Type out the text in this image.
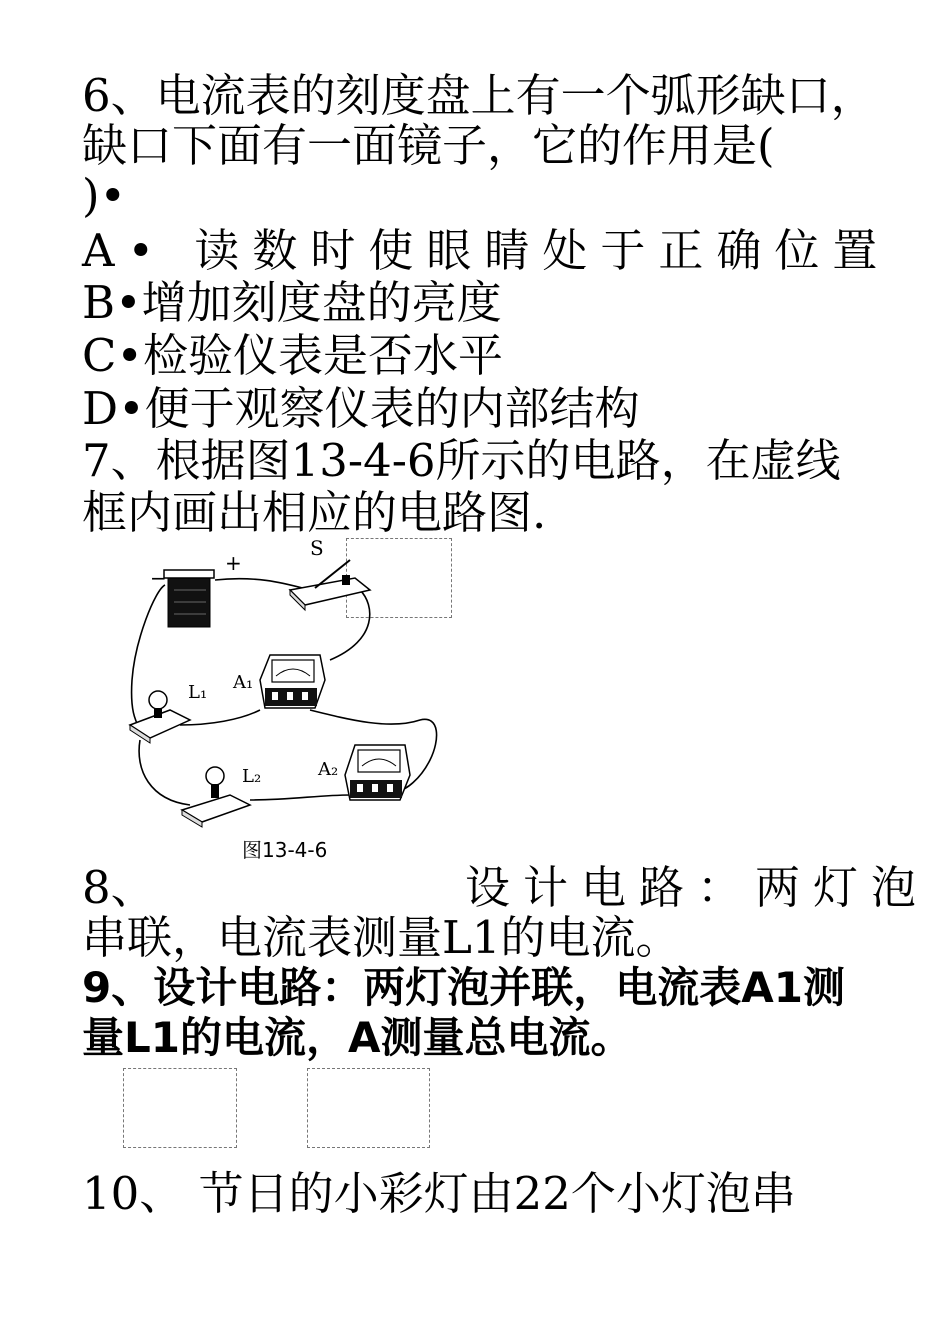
6、电流表的刻度盘上有一个弧形缺口，
缺口下面有一面镜子，它的作用是(
)•
A• 读数时使眼睛处于正确位置
B•增加刻度盘的亮度
C•检验仪表是否水平
D•便于观察仪表的内部结构
7、根据图13-4-6所示的电路，在虚线
框内画出相应的电路图.
−
+
S
L₁ A₁
L₂	A₂
图13-4-6
8、	设计电路：两灯泡
串联，电流表测量L1的电流。
9、设计电路：两灯泡并联，电流表A1测
量L1的电流，A测量总电流。
10、 节日的小彩灯由22个小灯泡串
